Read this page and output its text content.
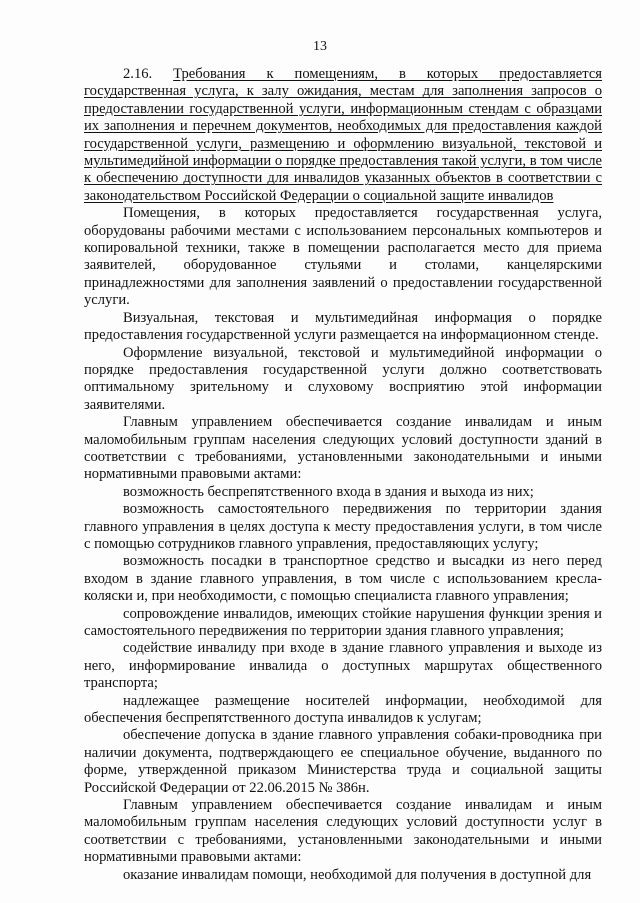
13

2.16. Требования к помещениям, в которых предоставляется государственная услуга, к залу ожидания, местам для заполнения запросов о предоставлении государственной услуги, информационным стендам с образцами их заполнения и перечнем документов, необходимых для предоставления каждой государственной услуги, размещению и оформлению визуальной, текстовой и мультимедийной информации о порядке предоставления такой услуги, в том числе к обеспечению доступности для инвалидов указанных объектов в соответствии с законодательством Российской Федерации о социальной защите инвалидов

Помещения, в которых предоставляется государственная услуга, оборудованы рабочими местами с использованием персональных компьютеров и копировальной техники, также в помещении располагается место для приема заявителей, оборудованное стульями и столами, канцелярскими принадлежностями для заполнения заявлений о предоставлении государственной услуги.

Визуальная, текстовая и мультимедийная информация о порядке предоставления государственной услуги размещается на информационном стенде.

Оформление визуальной, текстовой и мультимедийной информации о порядке предоставления государственной услуги должно соответствовать оптимальному зрительному и слуховому восприятию этой информации заявителями.

Главным управлением обеспечивается создание инвалидам и иным маломобильным группам населения следующих условий доступности зданий в соответствии с требованиями, установленными законодательными и иными нормативными правовыми актами:

возможность беспрепятственного входа в здания и выхода из них;

возможность самостоятельного передвижения по территории здания главного управления в целях доступа к месту предоставления услуги, в том числе с помощью сотрудников главного управления, предоставляющих услугу;

возможность посадки в транспортное средство и высадки из него перед входом в здание главного управления, в том числе с использованием кресла-коляски и, при необходимости, с помощью специалиста главного управления;

сопровождение инвалидов, имеющих стойкие нарушения функции зрения и самостоятельного передвижения по территории здания главного управления;

содействие инвалиду при входе в здание главного управления и выходе из него, информирование инвалида о доступных маршрутах общественного транспорта;

надлежащее размещение носителей информации, необходимой для обеспечения беспрепятственного доступа инвалидов к услугам;

обеспечение допуска в здание главного управления собаки-проводника при наличии документа, подтверждающего ее специальное обучение, выданного по форме, утвержденной приказом Министерства труда и социальной защиты Российской Федерации от 22.06.2015 № 386н.

Главным управлением обеспечивается создание инвалидам и иным маломобильным группам населения следующих условий доступности услуг в соответствии с требованиями, установленными законодательными и иными нормативными правовыми актами:

оказание инвалидам помощи, необходимой для получения в доступной для
